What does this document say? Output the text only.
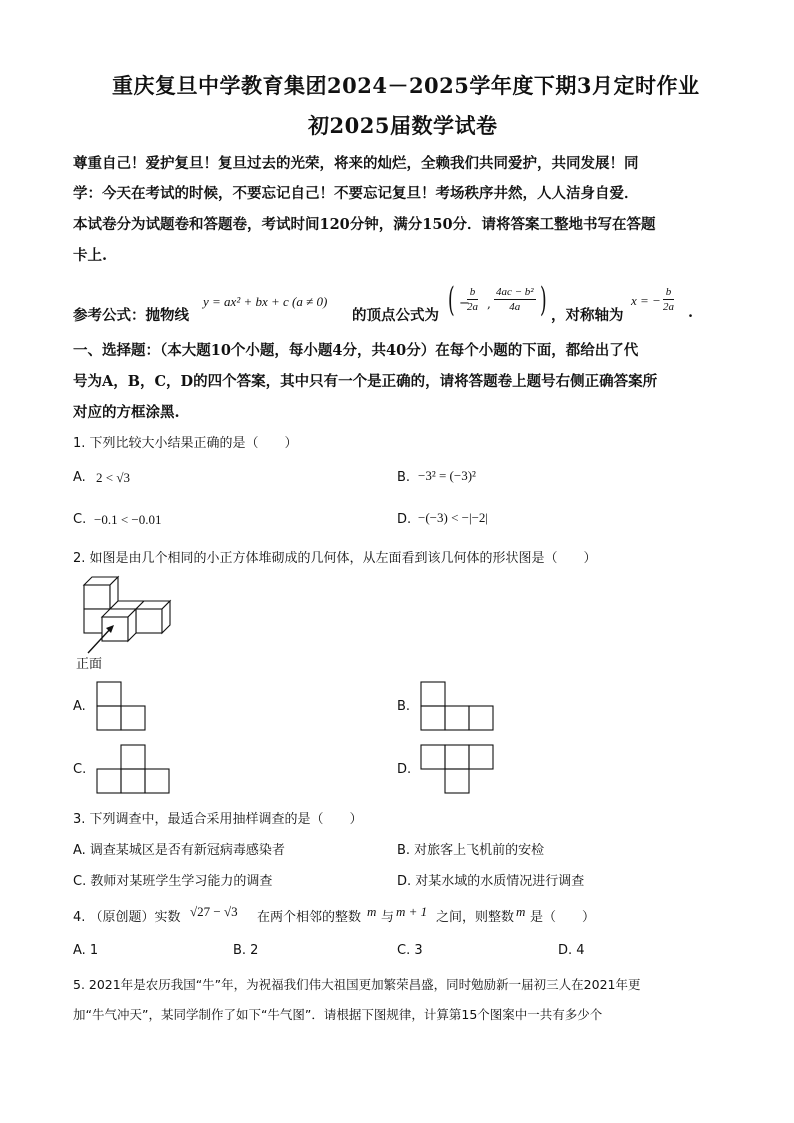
重庆复旦中学教育集团2024－2025学年度下期3月定时作业
初2025届数学试卷
尊重自己！爱护复旦！复旦过去的光荣，将来的灿烂，全赖我们共同爱护，共同发展！同
学：今天在考试的时候，不要忘记自己！不要忘记复旦！考场秩序井然，人人洁身自爱．
本试卷分为试题卷和答题卷，考试时间120分钟，满分150分．请将答案工整地书写在答题
卡上.
参考公式：抛物线
y = ax² + bx + c (a ≠ 0)
的顶点公式为 ( −
$\frac{b}{2a}$ , $\frac{\text{4ac − b²}}{4a}$ ) ，对称轴为
x = − $\frac{b}{2a}$ .
一、选择题：（本大题10个小题，每小题4分，共40分）在每个小题的下面，都给出了代
号为A，B，C，D的四个答案，其中只有一个是正确的，请将答题卷上题号右侧正确答案所
对应的方框涂黑.
1. 下列比较大小结果正确的是（　　）
A. 2 < √3	B. −3² = (−3)²
C. −0.1 < −0.01	D. −(−3) < −|−2|
2. 如图是由几个相同的小正方体堆砌成的几何体，从左面看到该几何体的形状图是（　　）
正面
A.	B.
C.	D.
3. 下列调查中，最适合采用抽样调查的是（　　）
A. 调查某城区是否有新冠病毒感染者	B. 对旅客上飞机前的安检
C. 教师对某班学生学习能力的调查	D. 对某水域的水质情况进行调查
4. （原创题）实数 √27 − √3 在两个相邻的整数 m 与 m + 1 之间，则整数 m 是（　　）
A. 1	B. 2	C. 3	D. 4
5. 2021年是农历我国“牛”年，为祝福我们伟大祖国更加繁荣昌盛，同时勉励新一届初三人在2021年更
加“牛气冲天”，某同学制作了如下“牛气图”．请根据下图规律，计算第15个图案中一共有多少个
